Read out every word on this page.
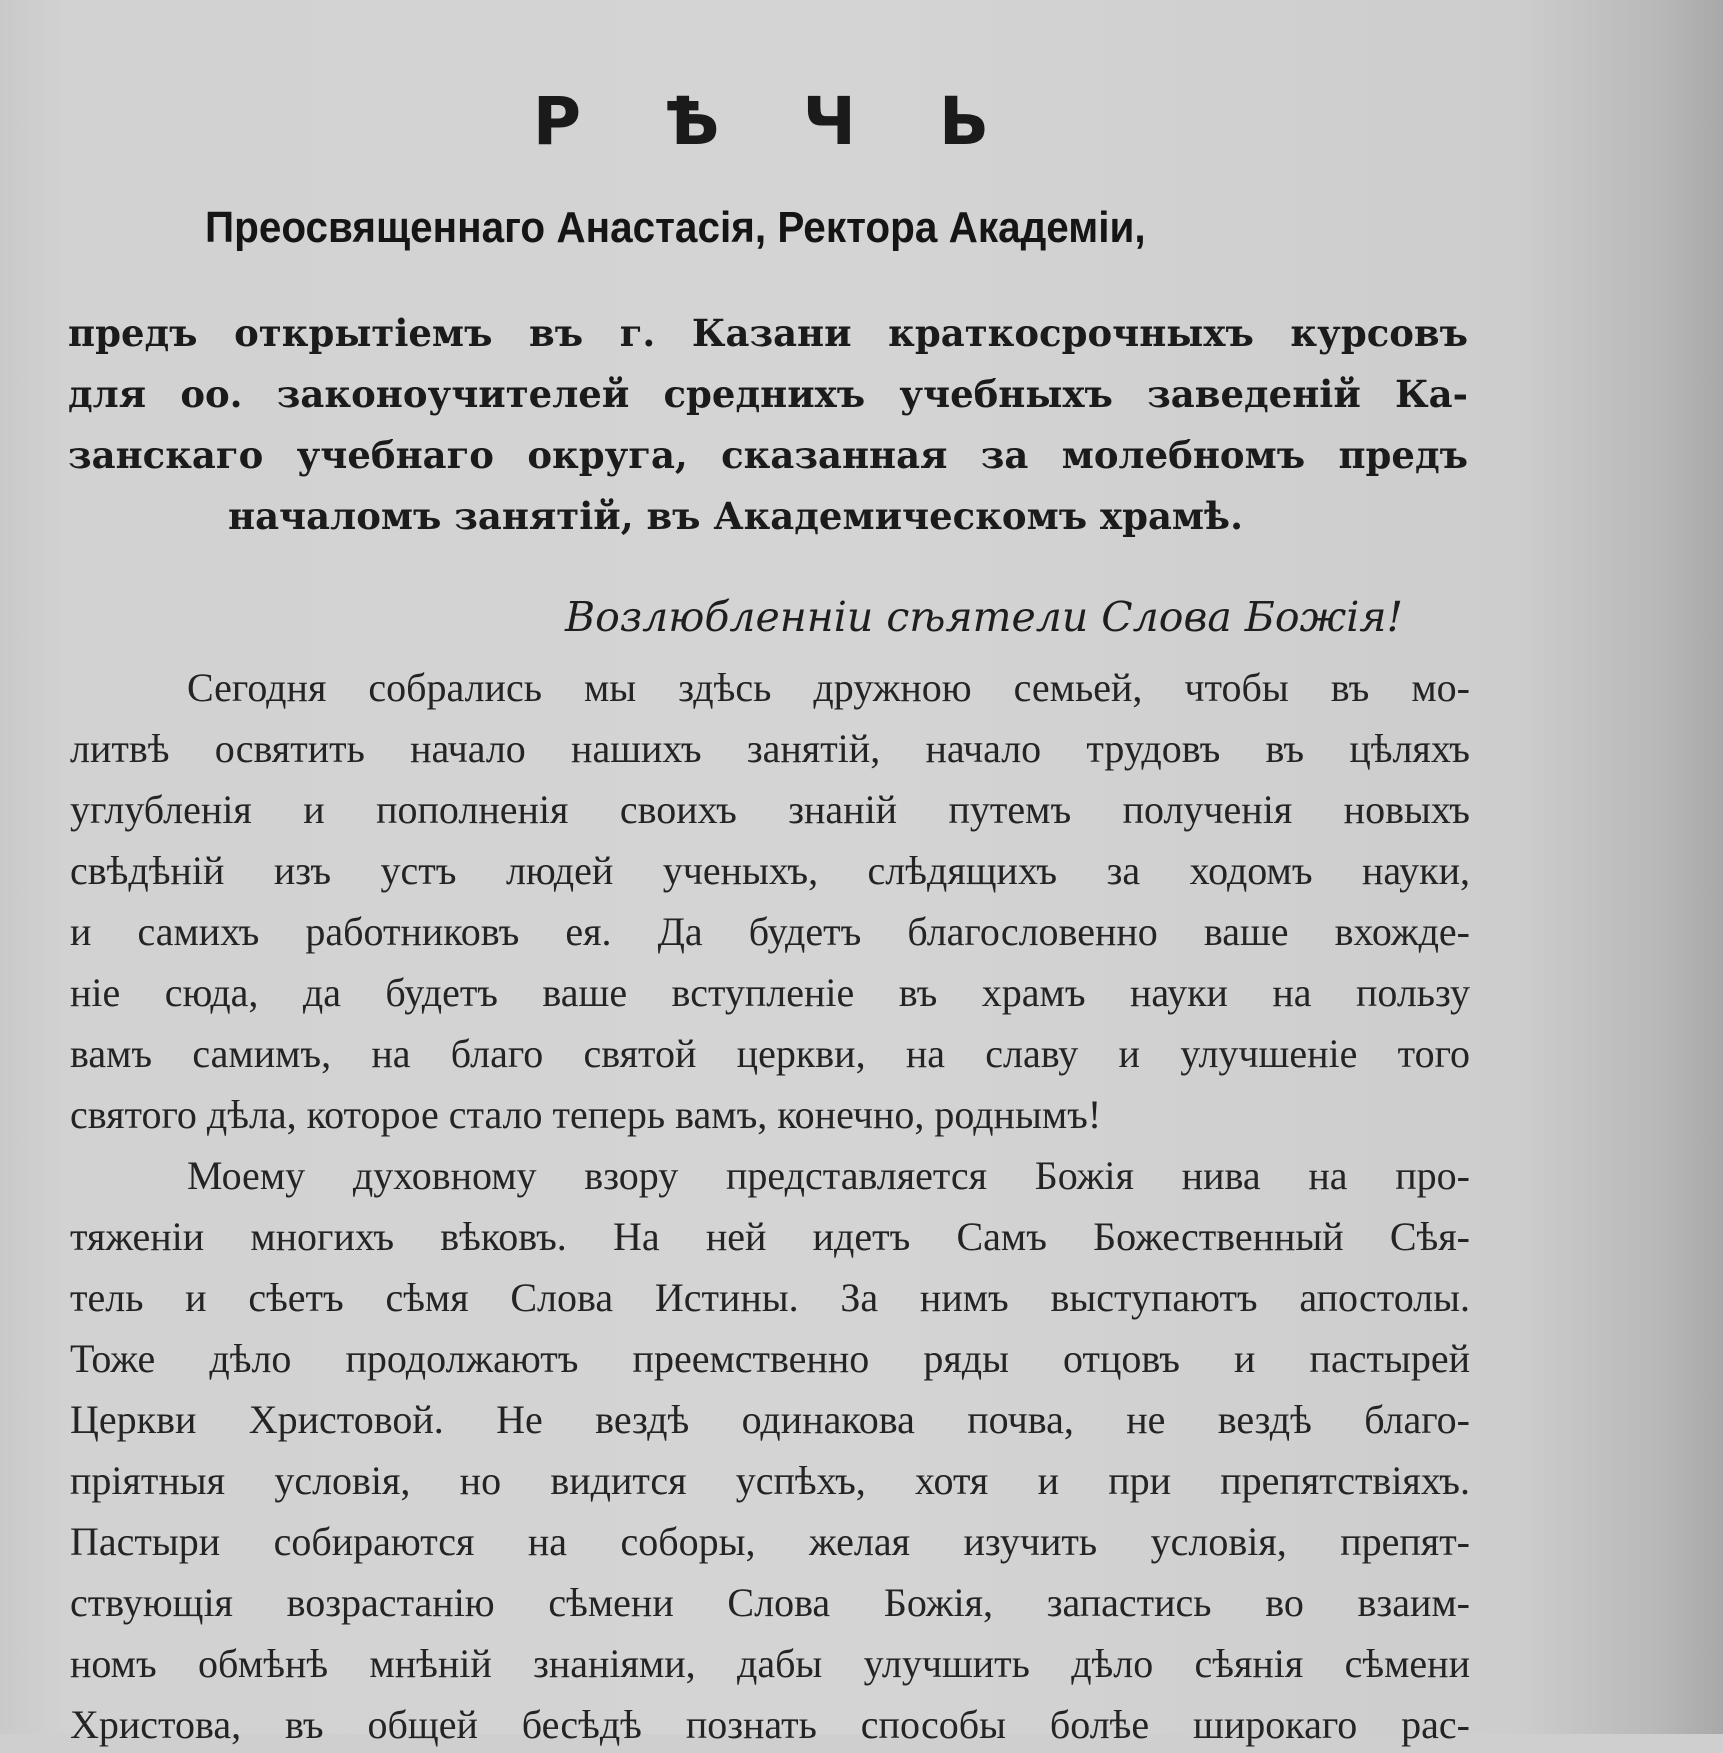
Р Ѣ Ч Ь
Преосвященнаго Анастасія, Ректора Академіи,
предъ открытіемъ въ г. Казани краткосрочныхъ курсовъ
для оо. законоучителей среднихъ учебныхъ заведеній Ка-
занскаго учебнаго округа, сказанная за молебномъ предъ
началомъ занятій, въ Академическомъ храмѣ.
Возлюбленніи сѣятели Слова Божія!
Сегодня собрались мы здѣсь дружною семьей, чтобы въ мо-
литвѣ освятить начало нашихъ занятій, начало трудовъ въ цѣляхъ
углубленія и пополненія своихъ знаній путемъ полученія новыхъ
свѣдѣній изъ устъ людей ученыхъ, слѣдящихъ за ходомъ науки,
и самихъ работниковъ ея. Да будетъ благословенно ваше вхожде-
ніе сюда, да будетъ ваше вступленіе въ храмъ науки на пользу
вамъ самимъ, на благо святой церкви, на славу и улучшеніе того
святого дѣла, которое стало теперь вамъ, конечно, роднымъ!
Моему духовному взору представляется Божія нива на про-
тяженіи многихъ вѣковъ. На ней идетъ Самъ Божественный Сѣя-
тель и сѣетъ сѣмя Слова Истины. За нимъ выступаютъ апостолы.
Тоже дѣло продолжаютъ преемственно ряды отцовъ и пастырей
Церкви Христовой. Не вездѣ одинакова почва, не вездѣ благо-
пріятныя условія, но видится успѣхъ, хотя и при препятствіяхъ.
Пастыри собираются на соборы, желая изучить условія, препят-
ствующія возрастанію сѣмени Слова Божія, запастись во взаим-
номъ обмѣнѣ мнѣній знаніями, дабы улучшить дѣло сѣянія сѣмени
Христова, въ общей бесѣдѣ познать способы болѣе широкаго рас-
